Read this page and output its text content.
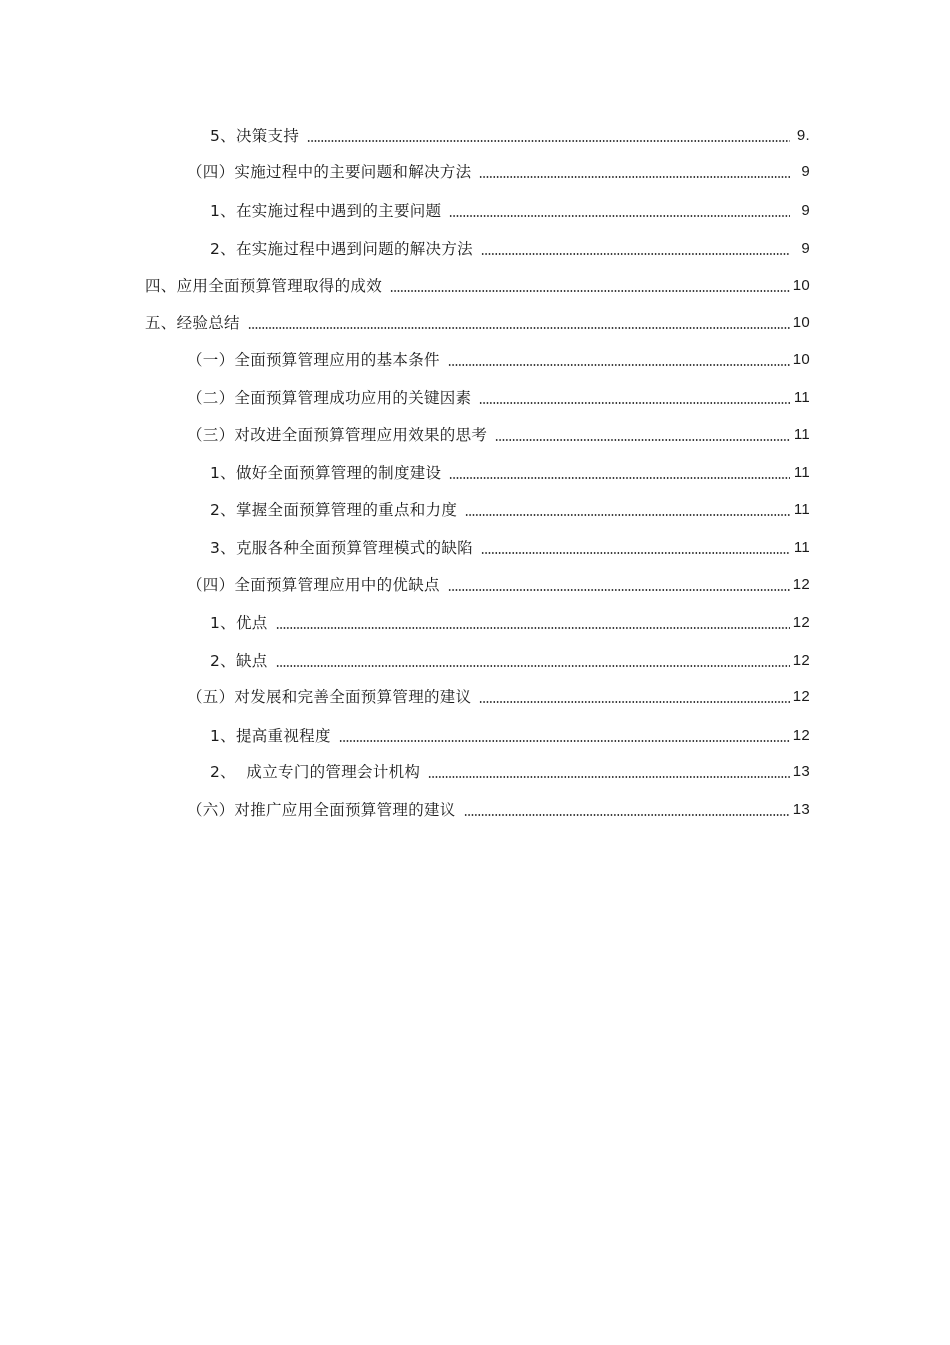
5、决策支持	9.
（四）实施过程中的主要问题和解决方法	9
1、在实施过程中遇到的主要问题	9
2、在实施过程中遇到问题的解决方法	9
四、应用全面预算管理取得的成效	10
五、经验总结	10
（一）全面预算管理应用的基本条件	10
（二）全面预算管理成功应用的关键因素	11
（三）对改进全面预算管理应用效果的思考	11
1、做好全面预算管理的制度建设	11
2、掌握全面预算管理的重点和力度	11
3、克服各种全面预算管理模式的缺陷	11
（四）全面预算管理应用中的优缺点	12
1、优点	12
2、缺点	12
（五）对发展和完善全面预算管理的建议	12
1、提高重视程度	12
2、  成立专门的管理会计机构	13
（六）对推广应用全面预算管理的建议	13
